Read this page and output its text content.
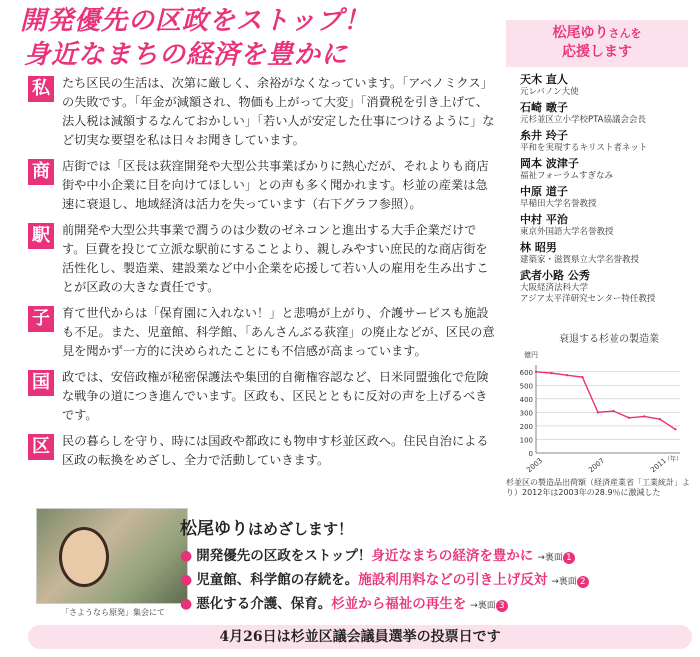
開発優先の区政をストップ！
身近なまちの経済を豊かに
私 たち区民の生活は、次第に厳しく、余裕がなくなっています。「アベノミクス」の失敗です。「年金が減額され、物価も上がって大変」「消費税を引き上げて、法人税は減額するなんておかしい」「若い人が安定した仕事につけるように」など切実な要望を私は日々お聞きしています。
商 店街では「区長は荻窪開発や大型公共事業ばかりに熱心だが、それよりも商店街や中小企業に目を向けてほしい」との声も多く聞かれます。杉並の産業は急速に衰退し、地域経済は活力を失っています（右下グラフ参照）。
駅 前開発や大型公共事業で潤うのは少数のゼネコンと進出する大手企業だけです。巨費を投じて立派な駅前にすることより、親しみやすい庶民的な商店街を活性化し、製造業、建設業など中小企業を応援して若い人の雇用を生み出すことが区政の大きな責任です。
子 育て世代からは「保育園に入れない！」と悲鳴が上がり、介護サービスも施設も不足。また、児童館、科学館、「あんさんぶる荻窪」の廃止などが、区民の意見を聞かず一方的に決められたことにも不信感が高まっています。
国 政では、安倍政権が秘密保護法や集団的自衛権容認など、日米同盟強化で危険な戦争の道につき進んでいます。区政も、区民とともに反対の声を上げるべきです。
区 民の暮らしを守り、時には国政や都政にも物申す杉並区政へ。住民自治による区政の転換をめざし、全力で活動していきます。
松尾ゆりさんを
応援します
天木 直人
元レバノン大使
石崎 暾子
元杉並区立小学校PTA協議会会長
糸井 玲子
平和を実現するキリスト者ネット
岡本 波津子
福祉フォーラムすぎなみ
中原 道子
早稲田大学名誉教授
中村 平治
東京外国語大学名誉教授
林 昭男
建築家・滋賀県立大学名誉教授
武者小路 公秀
大阪経済法科大学
アジア太平洋研究センター特任教授
衰退する杉並の製造業
億円
0
100
200
300
400
500
600
2003	2007	2011
（年）
杉並区の製造品出荷額（経済産業省「工業統計」より）2012年は2003年の28.9％に激減した
「さようなら原発」集会にて
松尾ゆりはめざします！
● 開発優先の区政をストップ！身近なまちの経済を豊かに →裏面 1
● 児童館、科学館の存続を。施設利用料などの引き上げ反対 →裏面 2
● 悪化する介護、保育。杉並から福祉の再生を →裏面 3
4月26日は杉並区議会議員選挙の投票日です
